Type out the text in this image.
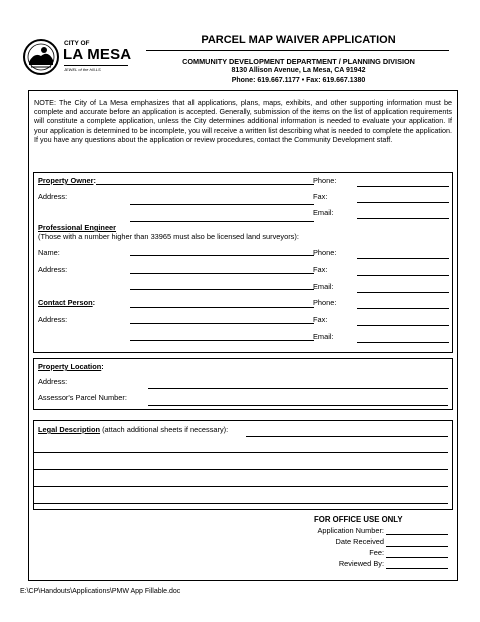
CITY OF
LA MESA
JEWEL of the HILLS
PARCEL MAP WAIVER APPLICATION
COMMUNITY DEVELOPMENT DEPARTMENT / PLANNING DIVISION
8130 Allison Avenue, La Mesa, CA 91942
Phone: 619.667.1177 • Fax: 619.667.1380
NOTE: The City of La Mesa emphasizes that all applications, plans, maps, exhibits, and other supporting information must be complete and accurate before an application is accepted. Generally, submission of the items on the list of application requirements will constitute a complete application, unless the City determines additional information is needed to evaluate your application. If your application is determined to be incomplete, you will receive a written list describing what is needed to complete the application. If you have any questions about the application or review procedures, contact the Community Development staff.
Property Owner:	Phone:
Address:	Fax:
Email:
Professional Engineer
(Those with a number higher than 33965 must also be licensed land surveyors):
Name:	Phone:
Address:	Fax:
Email:
Contact Person:	Phone:
Address:	Fax:
Email:
Property Location:
Address:
Assessor's Parcel Number:
Legal Description (attach additional sheets if necessary):
FOR OFFICE USE ONLY
Application Number:
Date Received
Fee:
Reviewed By:
E:\CP\Handouts\Applications\PMW App Fillable.doc
